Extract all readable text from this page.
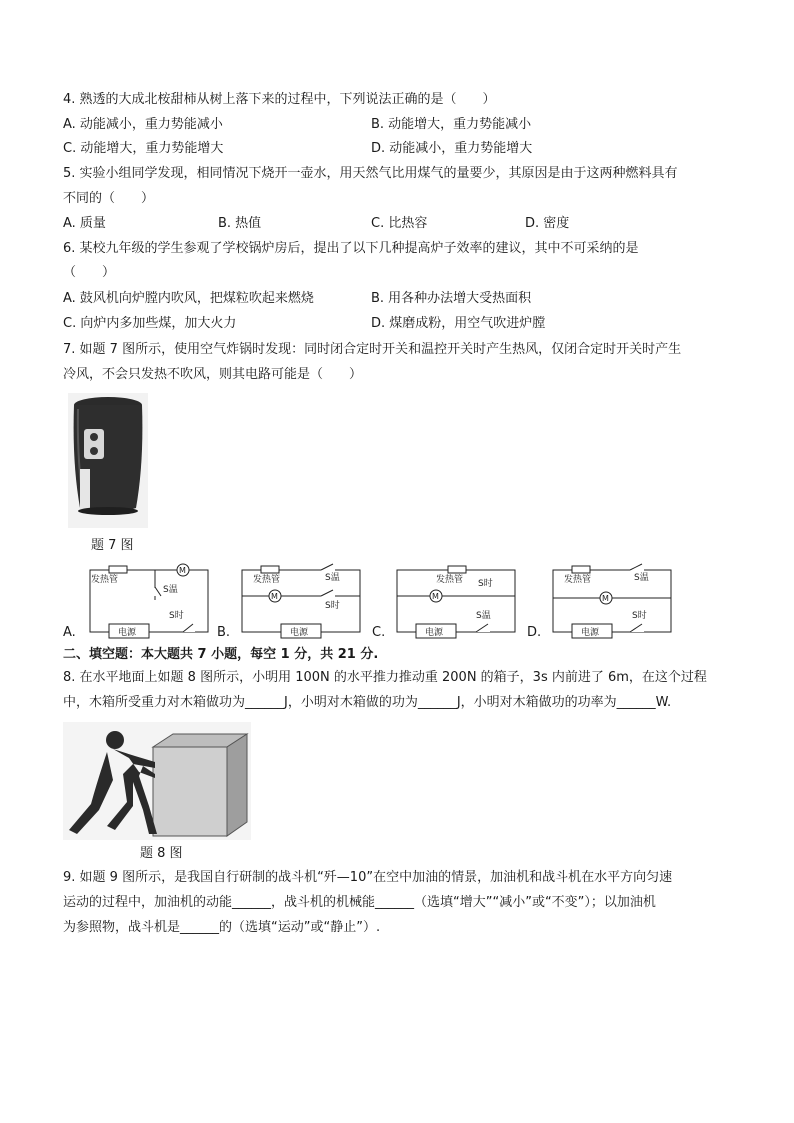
4. 熟透的大成北桉甜柿从树上落下来的过程中，下列说法正确的是（　　）
A. 动能减小，重力势能减小	B. 动能增大，重力势能减小
C. 动能增大，重力势能增大	D. 动能减小，重力势能增大
5. 实验小组同学发现，相同情况下烧开一壶水，用天然气比用煤气的量要少，其原因是由于这两种燃料具有
不同的（　　）
A. 质量	B. 热值	C. 比热容	D. 密度
6. 某校九年级的学生参观了学校锅炉房后，提出了以下几种提高炉子效率的建议，其中不可采纳的是
（　　）
A. 鼓风机向炉膛内吹风，把煤粒吹起来燃烧	B. 用各种办法增大受热面积
C. 向炉内多加些煤，加大火力	D. 煤磨成粉，用空气吹进炉膛
7. 如题 7 图所示，使用空气炸锅时发现：同时闭合定时开关和温控开关时产生热风，仅闭合定时开关时产生
冷风，不会只发热不吹风，则其电路可能是（　　）
题 7 图
发热管
M
S温
S时
电源
A.
发热管	S温
M
S时
电源
B.
发热管
M
S时
S温
电源
C.
发热管	S温
M
S时
电源
D.
二、填空题：本大题共 7 小题，每空 1 分，共 21 分.
8. 在水平地面上如题 8 图所示，小明用 100N 的水平推力推动重 200N 的箱子，3s 内前进了 6m，在这个过程
中，木箱所受重力对木箱做功为______J，小明对木箱做的功为______J，小明对木箱做功的功率为______W.
题 8 图
9. 如题 9 图所示，是我国自行研制的战斗机“歼—10”在空中加油的情景，加油机和战斗机在水平方向匀速
运动的过程中，加油机的动能______，战斗机的机械能______（选填“增大”“减小”或“不变”）；以加油机
为参照物，战斗机是______的（选填“运动”或“静止”）.
